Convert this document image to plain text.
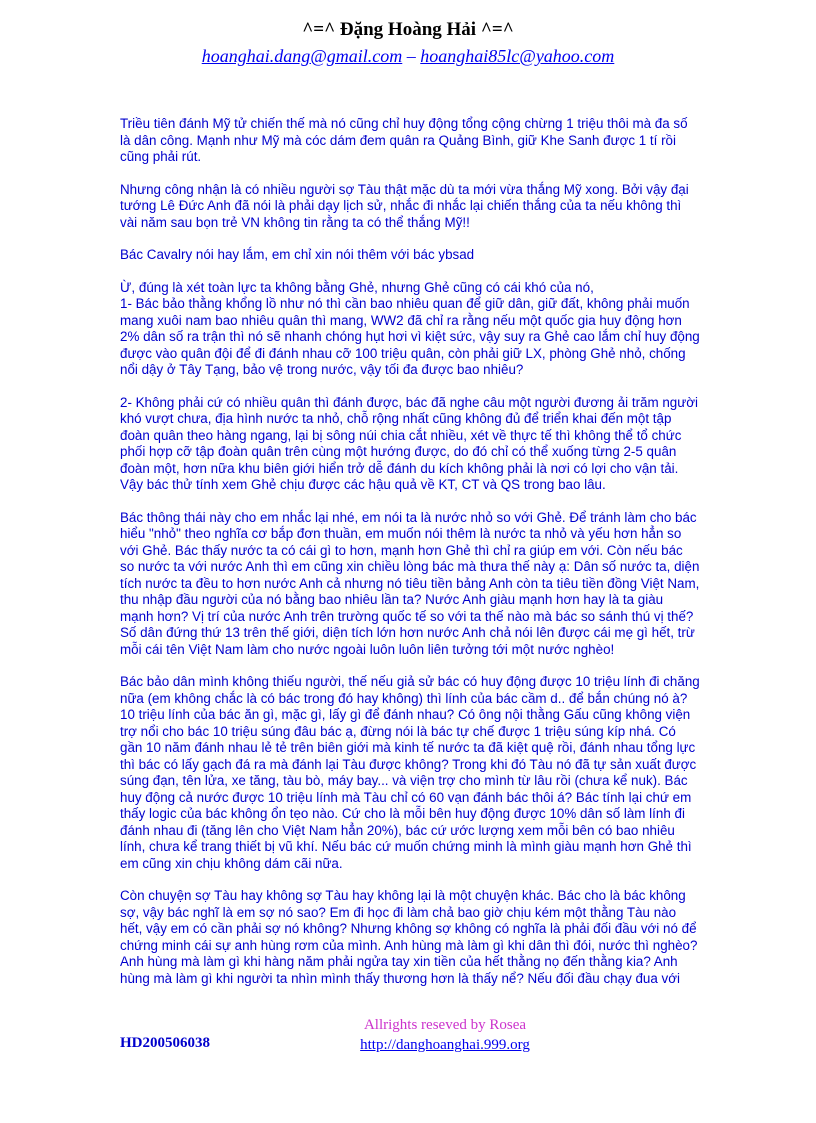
^=^ Đặng Hoàng Hải ^=^
hoanghai.dang@gmail.com – hoanghai85lc@yahoo.com

Triều tiên đánh Mỹ tử chiến thế mà nó cũng chỉ huy động tổng cộng chừng 1 triệu thôi mà đa số là dân công. Mạnh như Mỹ mà cóc dám đem quân ra Quảng Bình, giữ Khe Sanh được 1 tí rồi cũng phải rút.

Nhưng công nhận là có nhiều người sợ Tàu thật mặc dù ta mới vừa thắng Mỹ xong. Bởi vậy đại tướng Lê Đức Anh đã nói là phải dạy lịch sử, nhắc đi nhắc lại chiến thắng của ta nếu không thì vài năm sau bọn trẻ VN không tin rằng ta có thể thắng Mỹ!!

Bác Cavalry nói hay lắm, em chỉ xin nói thêm với bác ybsad

Ừ, đúng là xét toàn lực ta không bằng Ghẻ, nhưng Ghẻ cũng có cái khó của nó,
1- Bác bảo thằng khổng lồ như nó thì cần bao nhiêu quan để giữ dân, giữ đất, không phải muốn mang xuôi nam bao nhiêu quân thì mang, WW2 đã chỉ ra rằng nếu một quốc gia huy động hơn 2% dân số ra trận thì nó sẽ nhanh chóng hụt hơi vì kiệt sức, vậy suy ra Ghẻ cao lắm chỉ huy động được vào quân đội để đi đánh nhau cỡ 100 triệu quân, còn phải giữ LX, phòng Ghẻ nhỏ, chống nổi dậy ở Tây Tạng, bảo vệ trong nước, vậy tối đa được bao nhiêu?

2- Không phải cứ có nhiều quân thì đánh được, bác đã nghe câu một người đương ải trăm người khó vượt chưa, địa hình nước ta nhỏ, chỗ rộng nhất cũng không đủ để triển khai đến một tập đoàn quân theo hàng ngang, lại bị sông núi chia cắt nhiều, xét về thực tế thì không thể tổ chức phối hợp cỡ tập đoàn quân trên cùng một hướng được, do đó chỉ có thể xuống từng 2-5 quân đoàn một, hơn nữa khu biên giới hiển trở dễ đánh du kích không phải là nơi có lợi cho vận tải. Vậy bác thử tính xem Ghẻ chịu được các hậu quả về KT, CT và QS trong bao lâu.

Bác thông thái này cho em nhắc lại nhé, em nói ta là nước nhỏ so với Ghẻ. Để tránh làm cho bác hiểu "nhỏ" theo nghĩa cơ bắp đơn thuần, em muốn nói thêm là nước ta nhỏ và yếu hơn hẳn so với Ghẻ. Bác thấy nước ta có cái gì to hơn, mạnh hơn Ghẻ thì chỉ ra giúp em với. Còn nếu bác so nước ta với nước Anh thì em cũng xin chiều lòng bác mà thưa thế này ạ: Dân số nước ta, diện tích nước ta đều to hơn nước Anh cả nhưng nó tiêu tiền bảng Anh còn ta tiêu tiền đồng Việt Nam, thu nhập đầu người của nó bằng bao nhiêu lần ta? Nước Anh giàu mạnh hơn hay là ta giàu mạnh hơn? Vị trí của nước Anh trên trường quốc tế so với ta thế nào mà bác so sánh thú vị thế? Số dân đứng thứ 13 trên thế giới, diện tích lớn hơn nước Anh chả nói lên được cái mẹ gì hết, trừ mỗi cái tên Việt Nam làm cho nước ngoài luôn luôn liên tưởng tới một nước nghèo!

Bác bảo dân mình không thiếu người, thế nếu giả sử bác có huy động được 10 triệu lính đi chăng nữa (em không chắc là có bác trong đó hay không) thì lính của bác cầm d.. để bắn chúng nó à? 10 triệu lính của bác ăn gì, mặc gì, lấy gì để đánh nhau? Có ông nội thằng Gấu cũng không viện trợ nổi cho bác 10 triệu súng đâu bác ạ, đừng nói là bác tự chế được 1 triệu súng kíp nhá. Có gần 10 năm đánh nhau lẻ tẻ trên biên giới mà kinh tế nước ta đã kiệt quệ rồi, đánh nhau tổng lực thì bác có lấy gạch đá ra mà đánh lại Tàu được không? Trong khi đó Tàu nó đã tự sản xuất được súng đạn, tên lửa, xe tăng, tàu bò, máy bay... và viện trợ cho mình từ lâu rồi (chưa kể nuk). Bác huy động cả nước được 10 triệu lính mà Tàu chỉ có 60 vạn đánh bác thôi á? Bác tính lại chứ em thấy logic của bác không ổn tẹo nào. Cứ cho là mỗi bên huy động được 10% dân số làm lính đi đánh nhau đi (tăng lên cho Việt Nam hẳn 20%), bác cứ ước lượng xem mỗi bên có bao nhiêu lính, chưa kể trang thiết bị vũ khí. Nếu bác cứ muốn chứng minh là mình giàu mạnh hơn Ghẻ thì em cũng xin chịu không dám cãi nữa.

Còn chuyện sợ Tàu hay không sợ Tàu hay không lại là một chuyện khác. Bác cho là bác không sợ, vậy bác nghĩ là em sợ nó sao? Em đi học đi làm chả bao giờ chịu kém một thằng Tàu nào hết, vậy em có cần phải sợ nó không? Nhưng không sợ không có nghĩa là phải đối đầu với nó để chứng minh cái sự anh hùng rơm của mình. Anh hùng mà làm gì khi dân thì đói, nước thì nghèo? Anh hùng mà làm gì khi hàng năm phải ngửa tay xin tiền của hết thằng nọ đến thằng kia? Anh hùng mà làm gì khi người ta nhìn mình thấy thương hơn là thấy nể? Nếu đối đầu chạy đua với

HD200506038
Allrights reseved by Rosea
http://danghoanghai.999.org
